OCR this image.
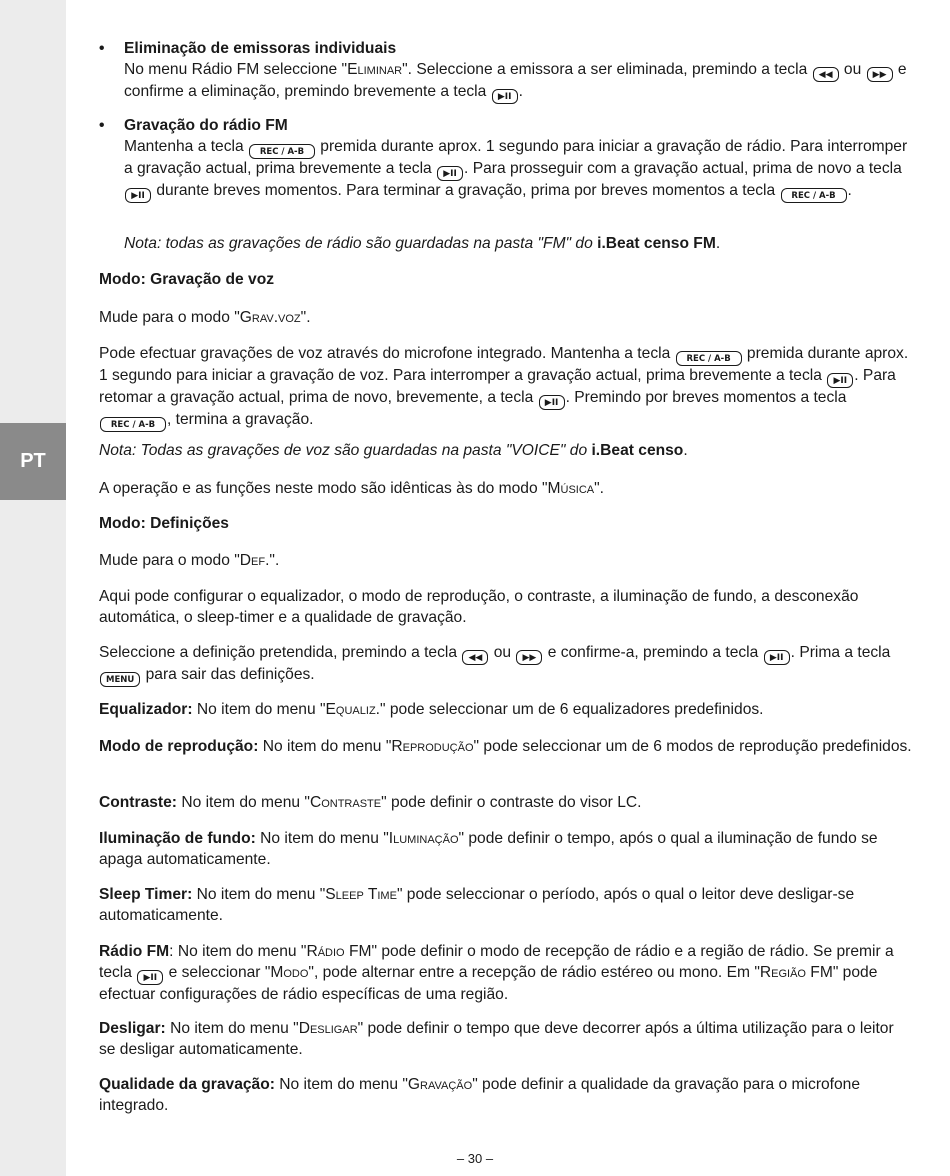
PT
• Eliminação de emissoras individuais
No menu Rádio FM seleccione "Eliminar". Seleccione a emissora a ser eliminada, premindo a tecla ◀◀ ou ▶▶ e confirme a eliminação, premindo brevemente a tecla ▶II .
• Gravação do rádio FM
Mantenha a tecla REC / A-B premida durante aprox. 1 segundo para iniciar a gravação de rádio. Para interromper a gravação actual, prima brevemente a tecla ▶II . Para prosseguir com a gravação actual, prima de novo a tecla ▶II durante breves momentos. Para terminar a gravação, prima por breves momentos a tecla REC / A-B .
Nota: todas as gravações de rádio são guardadas na pasta "FM" do i.Beat censo FM.
Modo: Gravação de voz
Mude para o modo "Grav.voz".
Pode efectuar gravações de voz através do microfone integrado. Mantenha a tecla REC / A-B premida durante aprox. 1 segundo para iniciar a gravação de voz. Para interromper a gravação actual, prima brevemente a tecla ▶II . Para retomar a gravação actual, prima de novo, brevemente, a tecla ▶II . Premindo por breves momentos a tecla REC / A-B , termina a gravação.
Nota: Todas as gravações de voz são guardadas na pasta "VOICE" do i.Beat censo.
A operação e as funções neste modo são idênticas às do modo "Música".
Modo: Definições
Mude para o modo "Def.".
Aqui pode configurar o equalizador, o modo de reprodução, o contraste, a iluminação de fundo, a desconexão automática, o sleep-timer e a qualidade de gravação.
Seleccione a definição pretendida, premindo a tecla ◀◀ ou ▶▶ e confirme-a, premindo a tecla ▶II . Prima a tecla MENU para sair das definições.
Equalizador: No item do menu "Equaliz." pode seleccionar um de 6 equalizadores predefinidos.
Modo de reprodução: No item do menu "Reprodução" pode seleccionar um de 6 modos de reprodução predefinidos.
Contraste: No item do menu "Contraste" pode definir o contraste do visor LC.
Iluminação de fundo: No item do menu "Iluminação" pode definir o tempo, após o qual a iluminação de fundo se apaga automaticamente.
Sleep Timer: No item do menu "Sleep Time" pode seleccionar o período, após o qual o leitor deve desligar-se automaticamente.
Rádio FM: No item do menu "Rádio FM" pode definir o modo de recepção de rádio e a região de rádio. Se premir a tecla ▶II e seleccionar "Modo", pode alternar entre a recepção de rádio estéreo ou mono. Em "Região FM" pode efectuar configurações de rádio específicas de uma região.
Desligar: No item do menu "Desligar" pode definir o tempo que deve decorrer após a última utilização para o leitor se desligar automaticamente.
Qualidade da gravação: No item do menu "Gravação" pode definir a qualidade da gravação para o microfone integrado.
– 30 –
